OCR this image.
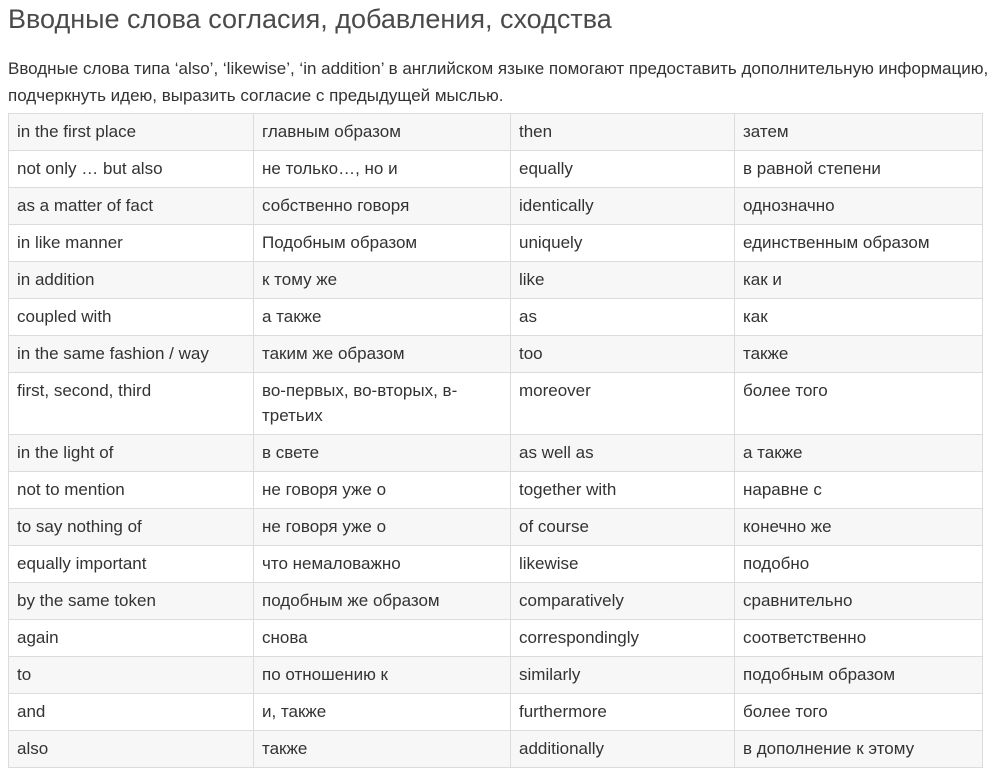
Вводные слова согласия, добавления, сходства

Вводные слова типа ‘also’, ‘likewise’, ‘in addition’ в английском языке помогают предоставить дополнительную информацию, подчеркнуть идею, выразить согласие с предыдущей мыслью.

in the first place	главным образом	then	затем
not only … but also	не только…, но и	equally	в равной степени
as a matter of fact	собственно говоря	identically	однозначно
in like manner	Подобным образом	uniquely	единственным образом
in addition	к тому же	like	как и
coupled with	а также	as	как
in the same fashion / way	таким же образом	too	также
first, second, third	во-первых, во-вторых, в-третьих	moreover	более того
in the light of	в свете	as well as	а также
not to mention	не говоря уже о	together with	наравне с
to say nothing of	не говоря уже о	of course	конечно же
equally important	что немаловажно	likewise	подобно
by the same token	подобным же образом	comparatively	сравнительно
again	снова	correspondingly	соответственно
to	по отношению к	similarly	подобным образом
and	и, также	furthermore	более того
also	также	additionally	в дополнение к этому
